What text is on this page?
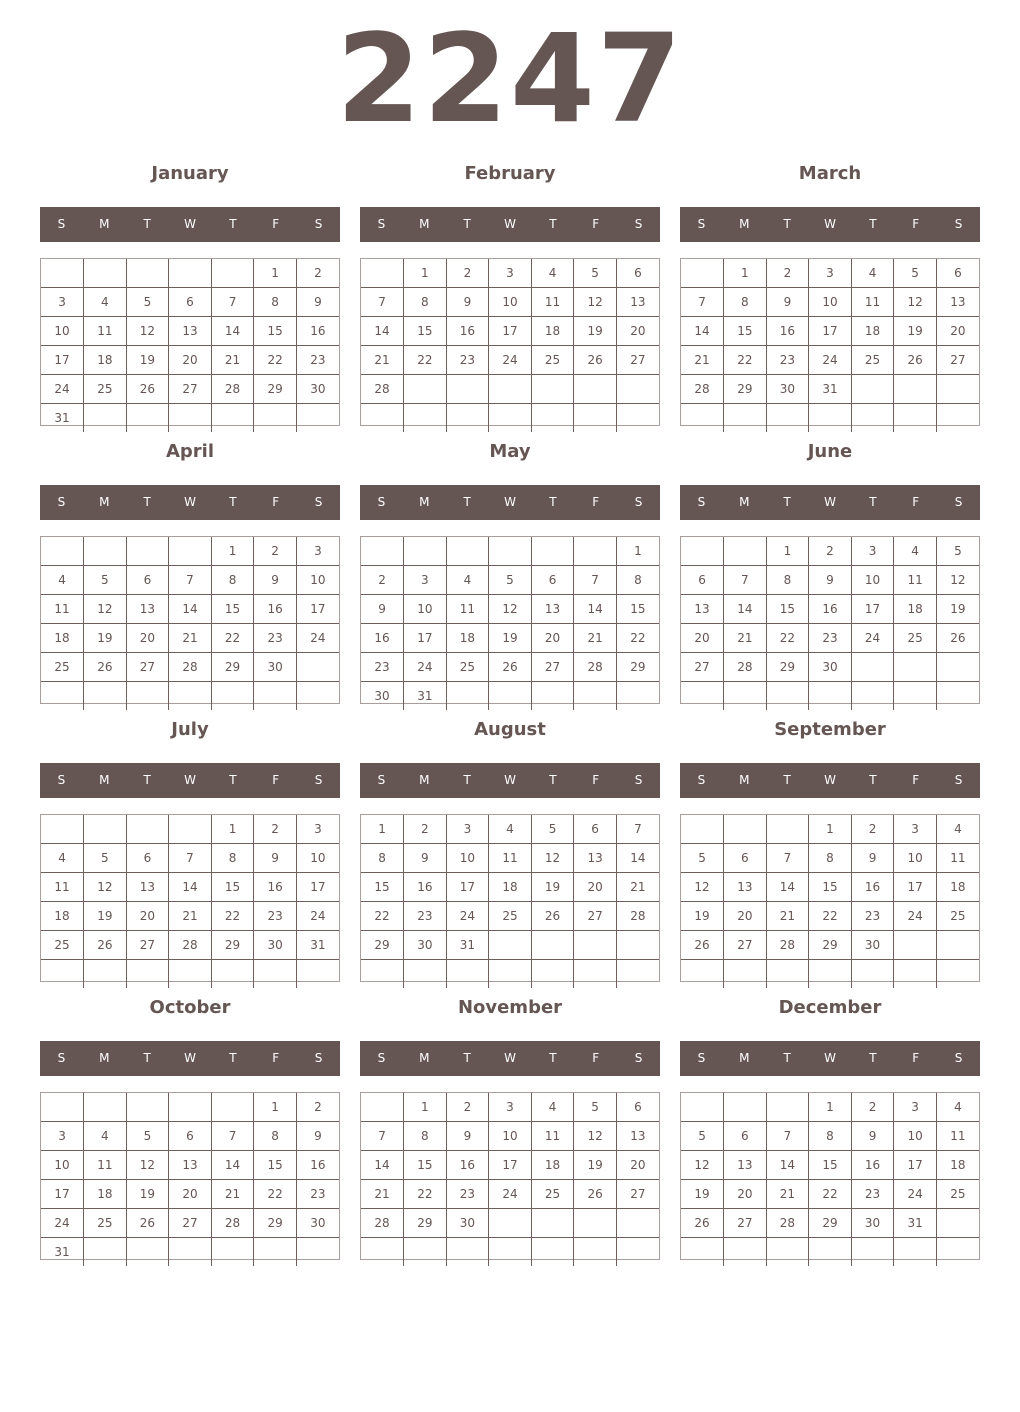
2247
January
S	M	T	W	T	F	S
					1	2
3	4	5	6	7	8	9
10	11	12	13	14	15	16
17	18	19	20	21	22	23
24	25	26	27	28	29	30
31						
February
S	M	T	W	T	F	S
	1	2	3	4	5	6
7	8	9	10	11	12	13
14	15	16	17	18	19	20
21	22	23	24	25	26	27
28						

March
S	M	T	W	T	F	S
	1	2	3	4	5	6
7	8	9	10	11	12	13
14	15	16	17	18	19	20
21	22	23	24	25	26	27
28	29	30	31			

April
S	M	T	W	T	F	S
				1	2	3
4	5	6	7	8	9	10
11	12	13	14	15	16	17
18	19	20	21	22	23	24
25	26	27	28	29	30	

May
S	M	T	W	T	F	S
						1
2	3	4	5	6	7	8
9	10	11	12	13	14	15
16	17	18	19	20	21	22
23	24	25	26	27	28	29
30	31					
June
S	M	T	W	T	F	S
		1	2	3	4	5
6	7	8	9	10	11	12
13	14	15	16	17	18	19
20	21	22	23	24	25	26
27	28	29	30			

July
S	M	T	W	T	F	S
				1	2	3
4	5	6	7	8	9	10
11	12	13	14	15	16	17
18	19	20	21	22	23	24
25	26	27	28	29	30	31

August
S	M	T	W	T	F	S
1	2	3	4	5	6	7
8	9	10	11	12	13	14
15	16	17	18	19	20	21
22	23	24	25	26	27	28
29	30	31				

September
S	M	T	W	T	F	S
			1	2	3	4
5	6	7	8	9	10	11
12	13	14	15	16	17	18
19	20	21	22	23	24	25
26	27	28	29	30		

October
S	M	T	W	T	F	S
					1	2
3	4	5	6	7	8	9
10	11	12	13	14	15	16
17	18	19	20	21	22	23
24	25	26	27	28	29	30
31						
November
S	M	T	W	T	F	S
	1	2	3	4	5	6
7	8	9	10	11	12	13
14	15	16	17	18	19	20
21	22	23	24	25	26	27
28	29	30				

December
S	M	T	W	T	F	S
			1	2	3	4
5	6	7	8	9	10	11
12	13	14	15	16	17	18
19	20	21	22	23	24	25
26	27	28	29	30	31	
